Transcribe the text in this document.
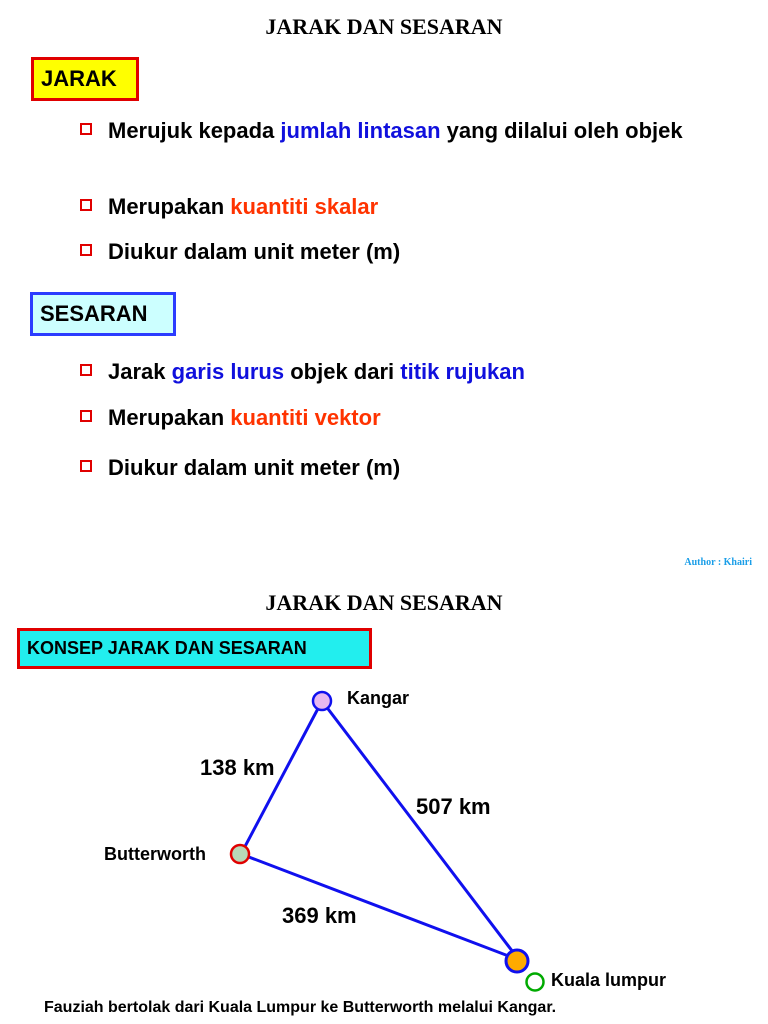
JARAK DAN SESARAN
JARAK
Merujuk kepada jumlah lintasan yang dilalui oleh objek
Merupakan kuantiti skalar
Diukur dalam unit meter (m)
SESARAN
Jarak garis lurus objek dari titik rujukan
Merupakan kuantiti vektor
Diukur dalam unit meter (m)
Author : Khairi
JARAK DAN SESARAN
KONSEP JARAK DAN SESARAN
Kangar
Butterworth
Kuala lumpur
138 km
507 km
369 km
Fauziah bertolak dari Kuala Lumpur ke Butterworth melalui Kangar.
